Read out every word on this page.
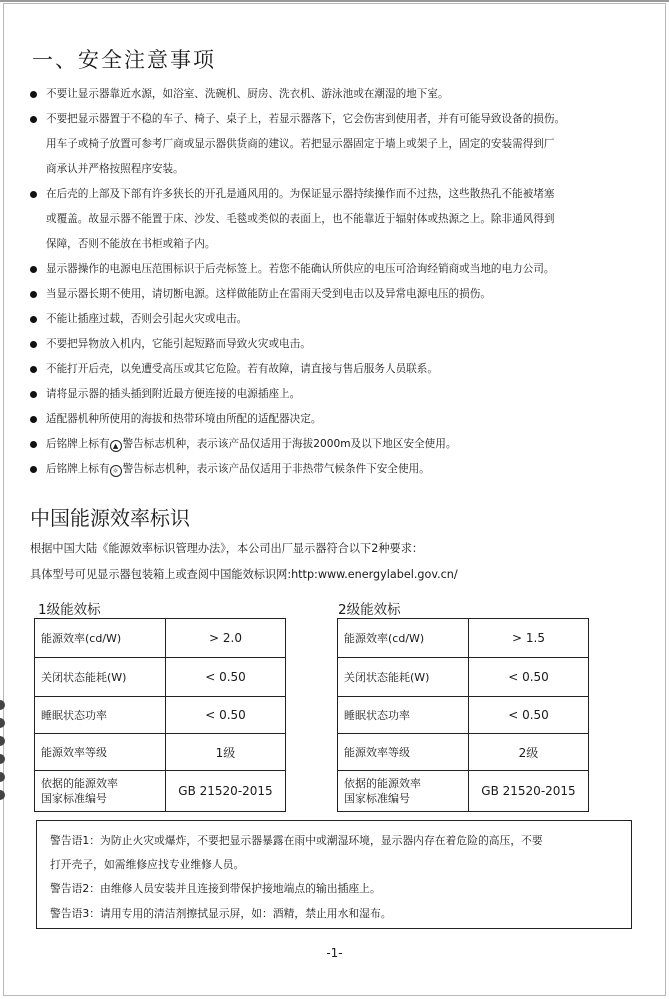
一、安全注意事项
不要让显示器靠近水源，如浴室、洗碗机、厨房、洗衣机、游泳池或在潮湿的地下室。
不要把显示器置于不稳的车子、椅子、桌子上，若显示器落下，它会伤害到使用者，并有可能导致设备的损伤。
用车子或椅子放置可参考厂商或显示器供货商的建议。若把显示器固定于墙上或架子上，固定的安装需得到厂
商承认并严格按照程序安装。
在后壳的上部及下部有许多狭长的开孔是通风用的。为保证显示器持续操作而不过热，这些散热孔不能被堵塞
或覆盖。故显示器不能置于床、沙发、毛毯或类似的表面上，也不能靠近于辐射体或热源之上。除非通风得到
保障，否则不能放在书柜或箱子内。
显示器操作的电源电压范围标识于后壳标签上。若您不能确认所供应的电压可洽询经销商或当地的电力公司。
当显示器长期不使用，请切断电源。这样做能防止在雷雨天受到电击以及异常电源电压的损伤。
不能让插座过载，否则会引起火灾或电击。
不要把异物放入机内，它能引起短路而导致火灾或电击。
不能打开后壳，以免遭受高压或其它危险。若有故障，请直接与售后服务人员联系。
请将显示器的插头插到附近最方便连接的电源插座上。
适配器机种所使用的海拔和热带环境由所配的适配器决定。
后铭牌上标有 ▲ 警告标志机种，表示该产品仅适用于海拔2000m及以下地区安全使用。
后铭牌上标有 ☼ 警告标志机种，表示该产品仅适用于非热带气候条件下安全使用。
中国能源效率标识
根据中国大陆《能源效率标识管理办法》，本公司出厂显示器符合以下2种要求：
具体型号可见显示器包装箱上或查阅中国能效标识网:http:www.energylabel.gov.cn/
1级能效标	2级能效标
能源效率(cd/W)	> 2.0
关闭状态能耗(W)	< 0.50
睡眠状态功率	< 0.50
能源效率等级	1级

依据的能源效率
国家标准编号	GB 21520-2015
能源效率(cd/W)	> 1.5
关闭状态能耗(W)	< 0.50
睡眠状态功率	< 0.50
能源效率等级	2级

依据的能源效率
国家标准编号	GB 21520-2015

警告语1：为防止火灾或爆炸，不要把显示器暴露在雨中或潮湿环境，显示器内存在着危险的高压，不要

打开壳子，如需维修应找专业维修人员。

警告语2：由维修人员安装并且连接到带保护接地端点的输出插座上。

警告语3：请用专用的清洁剂擦拭显示屏，如：酒精，禁止用水和湿布。

-1-
